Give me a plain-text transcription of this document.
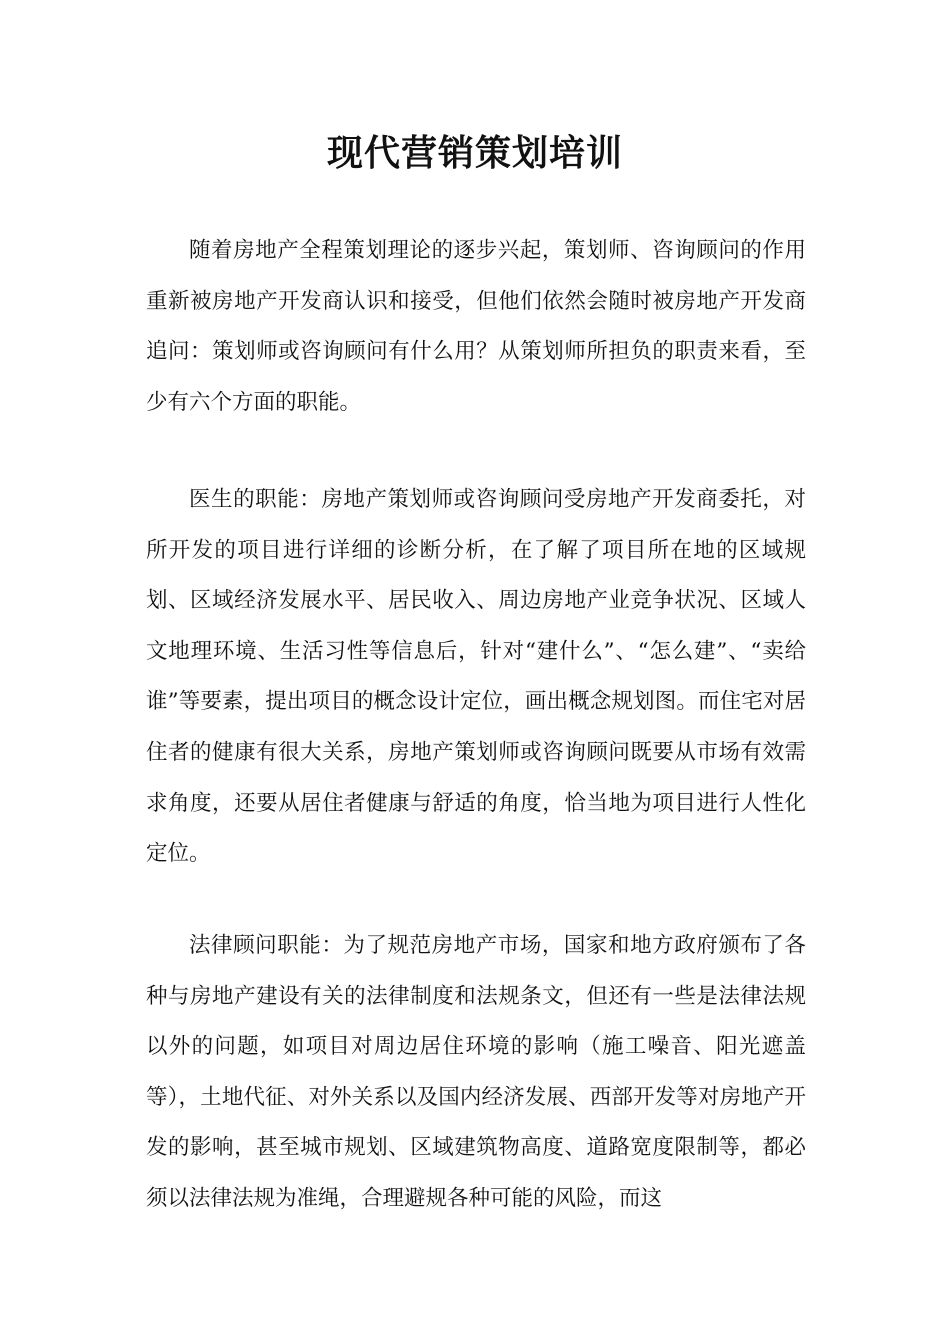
现代营销策划培训

随着房地产全程策划理论的逐步兴起，策划师、咨询顾问的作用重新被房地产开发商认识和接受，但他们依然会随时被房地产开发商追问：策划师或咨询顾问有什么用？从策划师所担负的职责来看，至少有六个方面的职能。

医生的职能：房地产策划师或咨询顾问受房地产开发商委托，对所开发的项目进行详细的诊断分析，在了解了项目所在地的区域规划、区域经济发展水平、居民收入、周边房地产业竞争状况、区域人文地理环境、生活习性等信息后，针对“建什么”、“怎么建”、“卖给谁”等要素，提出项目的概念设计定位，画出概念规划图。而住宅对居住者的健康有很大关系，房地产策划师或咨询顾问既要从市场有效需求角度，还要从居住者健康与舒适的角度，恰当地为项目进行人性化定位。

法律顾问职能：为了规范房地产市场，国家和地方政府颁布了各种与房地产建设有关的法律制度和法规条文，但还有一些是法律法规以外的问题，如项目对周边居住环境的影响（施工噪音、阳光遮盖等），土地代征、对外关系以及国内经济发展、西部开发等对房地产开发的影响，甚至城市规划、区域建筑物高度、道路宽度限制等，都必须以法律法规为准绳，合理避规各种可能的风险，而这
